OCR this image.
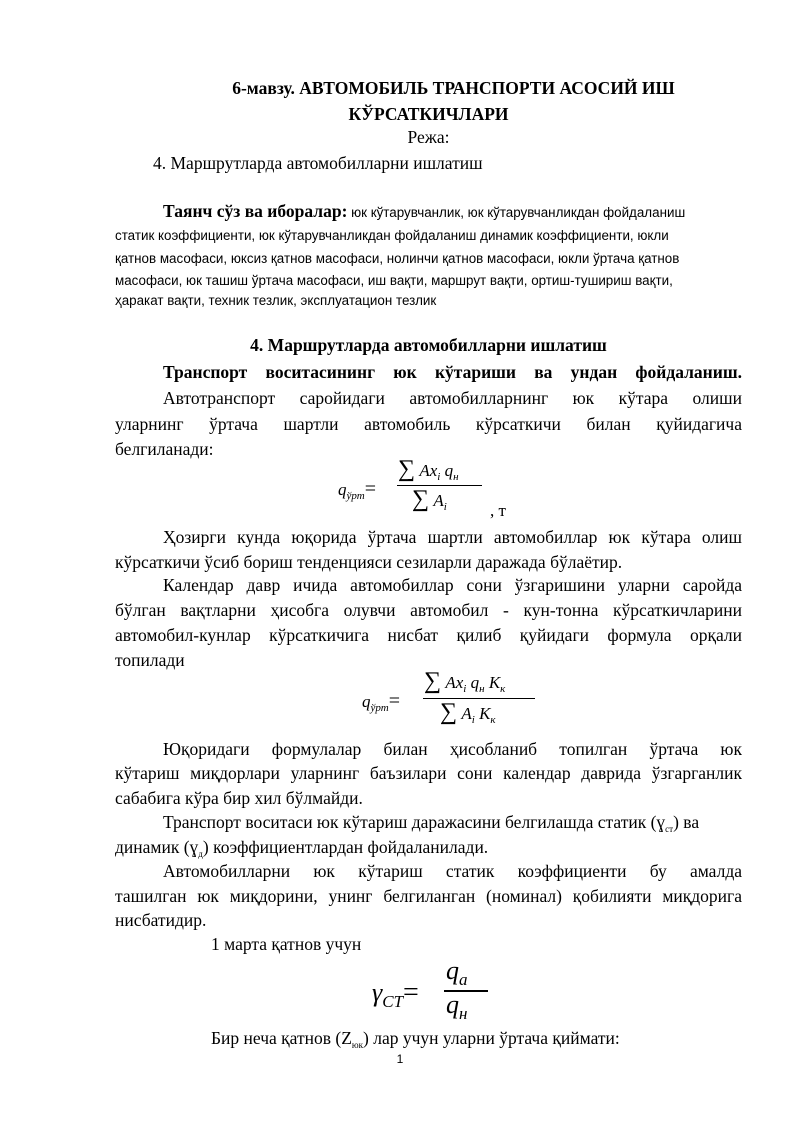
6-мавзу. АВТОМОБИЛЬ ТРАНСПОРТИ АСОСИЙ ИШ
КЎРСАТКИЧЛАРИ
Режа:
4. Маршрутларда автомобилларни ишлатиш
Таянч сўз ва иборалар: юк кўтарувчанлик, юк кўтарувчанликдан фойдаланиш
статик коэффициенти, юк кўтарувчанликдан фойдаланиш динамик коэффициенти, юкли
қатнов масофаси, юксиз қатнов масофаси, нолинчи қатнов масофаси, юкли ўртача қатнов
масофаси, юк ташиш ўртача масофаси, иш вақти, маршрут вақти, ортиш-тушириш вақти,
ҳаракат вақти, техник тезлик, эксплуатацион тезлик
4. Маршрутларда автомобилларни ишлатиш
Транспорт воситасининг юк кўтариши ва ундан фойдаланиш.
Автотранспорт саройидаги автомобилларнинг юк кўтара олиши
уларнинг ўртача шартли автомобиль кўрсаткичи билан қуйидагича
белгиланади:
$q_{ўрт}=$
∑ $Ax_i$ $q_н$
∑ $A_i$	, т
Ҳозирги кунда юқорида ўртача шартли автомобиллар юк кўтара олиш
кўрсаткичи ўсиб бориш тенденцияси сезиларли даражада бўлаётир.
Календар давр ичида автомобиллар сони ўзгаришини уларни саройда
бўлган вақтларни ҳисобга олувчи автомобил - кун-тонна кўрсаткичларини
автомобил-кунлар кўрсаткичига нисбат қилиб қуйидаги формула орқали
топилади
$q_{ўрт}=$
∑ $Ax_i$ $q_н$ $K_к$
∑ $A_i$ $K_к$
Юқоридаги формулалар билан ҳисобланиб топилган ўртача юк
кўтариш миқдорлари уларнинг баъзилари сони календар даврида ўзгарганлик
сабабига кўра бир хил бўлмайди.
Транспорт воситаси юк кўтариш даражасини белгилашда статик (ɣ$_{ст}$) ва
динамик (ɣ$_д$) коэффициентлардан фойдаланилади.
Автомобилларни юк кўтариш статик коэффициенти бу амалда
ташилган юк миқдорини, унинг белгиланган (номинал) қобилияти миқдорига
нисбатидир.
1 марта қатнов учун
$\gamma_{СТ}=$
$q_а$
$q_н$
Бир неча қатнов $(Z_{юк})$ лар учун уларни ўртача қиймати:
1
